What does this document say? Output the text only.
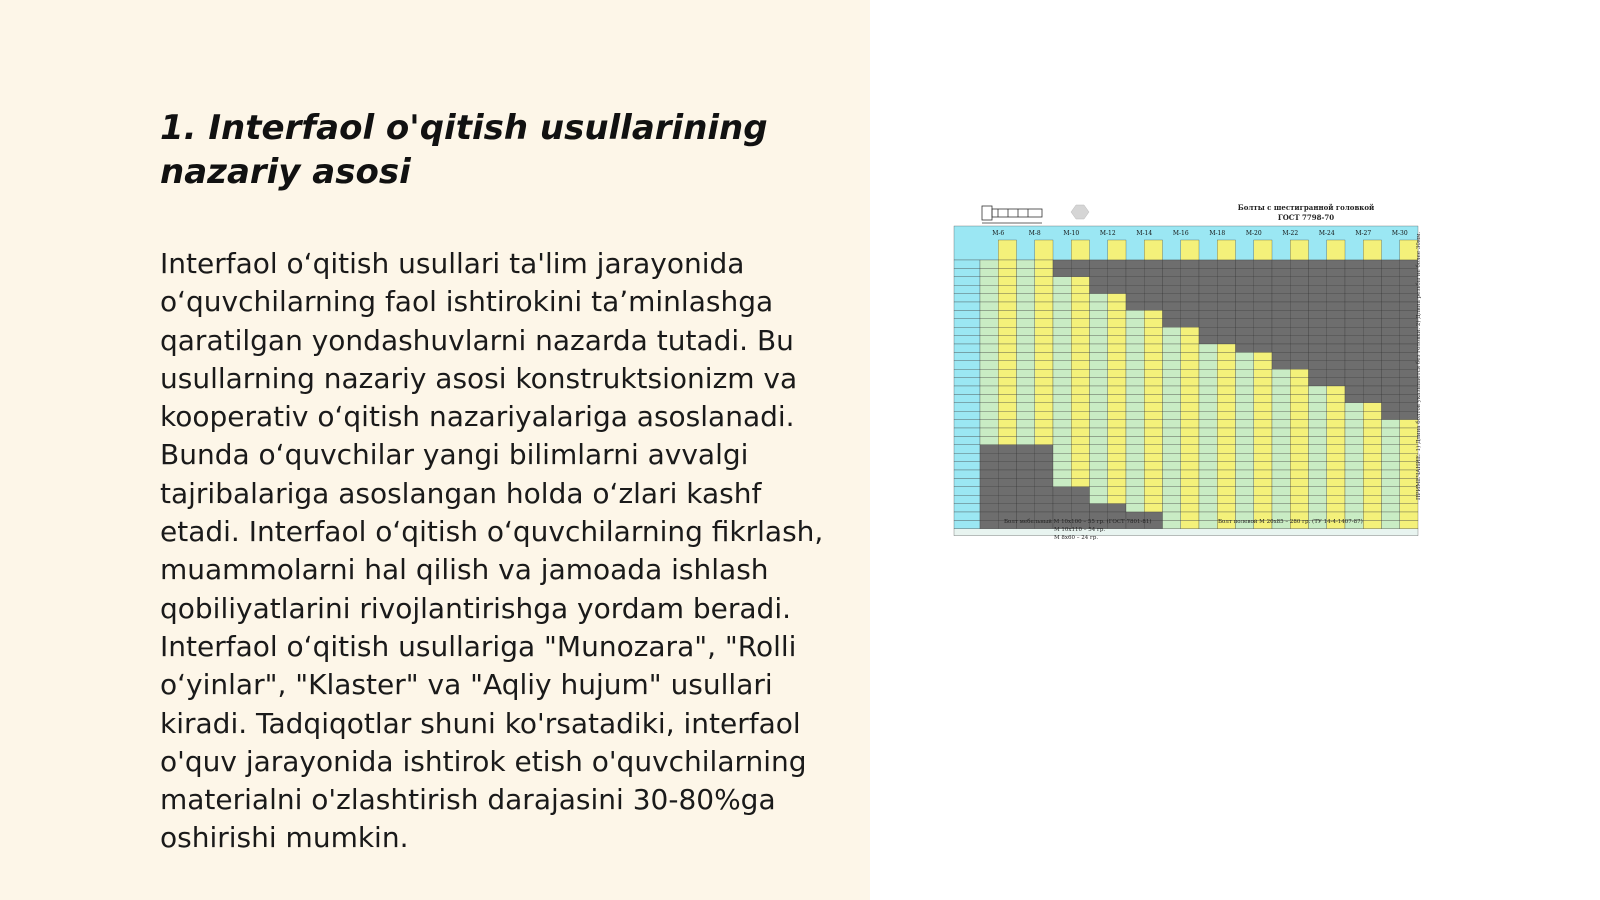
1. Interfaol o'qitish usullarining nazariy asosi

Interfaol oʻqitish usullari ta'lim jarayonida oʻquvchilarning faol ishtirokini taʼminlashga qaratilgan yondashuvlarni nazarda tutadi. Bu usullarning nazariy asosi konstruktsionizm va kooperativ oʻqitish nazariyalariga asoslanadi. Bunda oʻquvchilar yangi bilimlarni avvalgi tajribalariga asoslangan holda oʻzlari kashf etadi. Interfaol oʻqitish oʻquvchilarning fikrlash, muammolarni hal qilish va jamoada ishlash qobiliyatlarini rivojlantirishga yordam beradi. Interfaol oʻqitish usullariga "Munozara", "Rolli oʻyinlar", "Klaster" va "Aqliy hujum" usullari kiradi. Tadqiqotlar shuni ko'rsatadiki, interfaol o'quv jarayonida ishtirok etish o'quvchilarning materialni o'zlashtirish darajasini 30-80%ga oshirishi mumkin.

Болты с шестигранной головкой
ГОСТ 7798-70
М-6	М-8	М-10	М-12	М-14	М-16	М-18	М-20	М-22	М-24	М-27	М-30
Болт мебельный М 10х100 – 55 гр. (ГОСТ 7801-81)
М 10х110 – 54 гр.
М 8х60 – 24 гр.
Болт полевой М 20х85 – 280 гр. (ТУ 14-4-1407-87)
ПРИМЕЧАНИЕ: 1) Длина болтов указывается без головки. 2) Длина резьбы не более 30мм.
